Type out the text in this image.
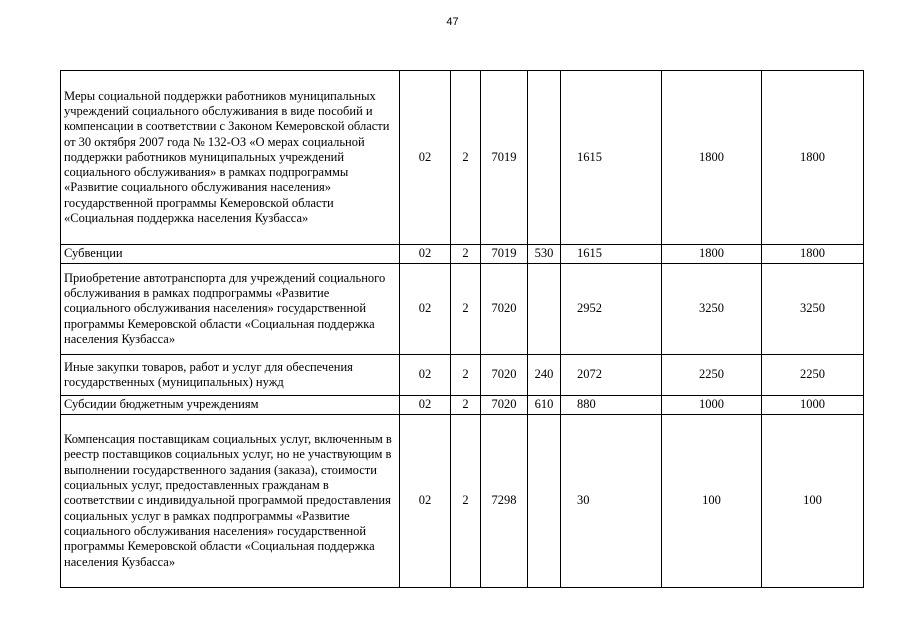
47
Меры социальной поддержки работников муниципальных учреждений социального обслуживания в виде пособий и компенсации в соответствии с Законом Кемеровской области от 30 октября 2007 года № 132-ОЗ «О мерах социальной поддержки работников муниципальных учреждений социального обслуживания» в рамках подпрограммы «Развитие социального обслуживания населения» государственной программы Кемеровской области «Социальная поддержка населения Кузбасса»	02	2	7019		1615	1800	1800
Субвенции	02	2	7019	530	1615	1800	1800
Приобретение автотранспорта для учреждений социального обслуживания в рамках подпрограммы «Развитие социального обслуживания населения» государственной программы Кемеровской области «Социальная поддержка населения Кузбасса»	02	2	7020		2952	3250	3250
Иные закупки товаров, работ и услуг для обеспечения государственных (муниципальных) нужд	02	2	7020	240	2072	2250	2250
Субсидии бюджетным учреждениям	02	2	7020	610	880	1000	1000
Компенсация поставщикам социальных услуг, включенным в реестр поставщиков социальных услуг, но не участвующим в выполнении государственного задания (заказа), стоимости социальных услуг, предоставленных гражданам в соответствии с индивидуальной программой предоставления социальных услуг в рамках подпрограммы «Развитие социального обслуживания населения» государственной программы Кемеровской области «Социальная поддержка населения Кузбасса»	02	2	7298		30	100	100
